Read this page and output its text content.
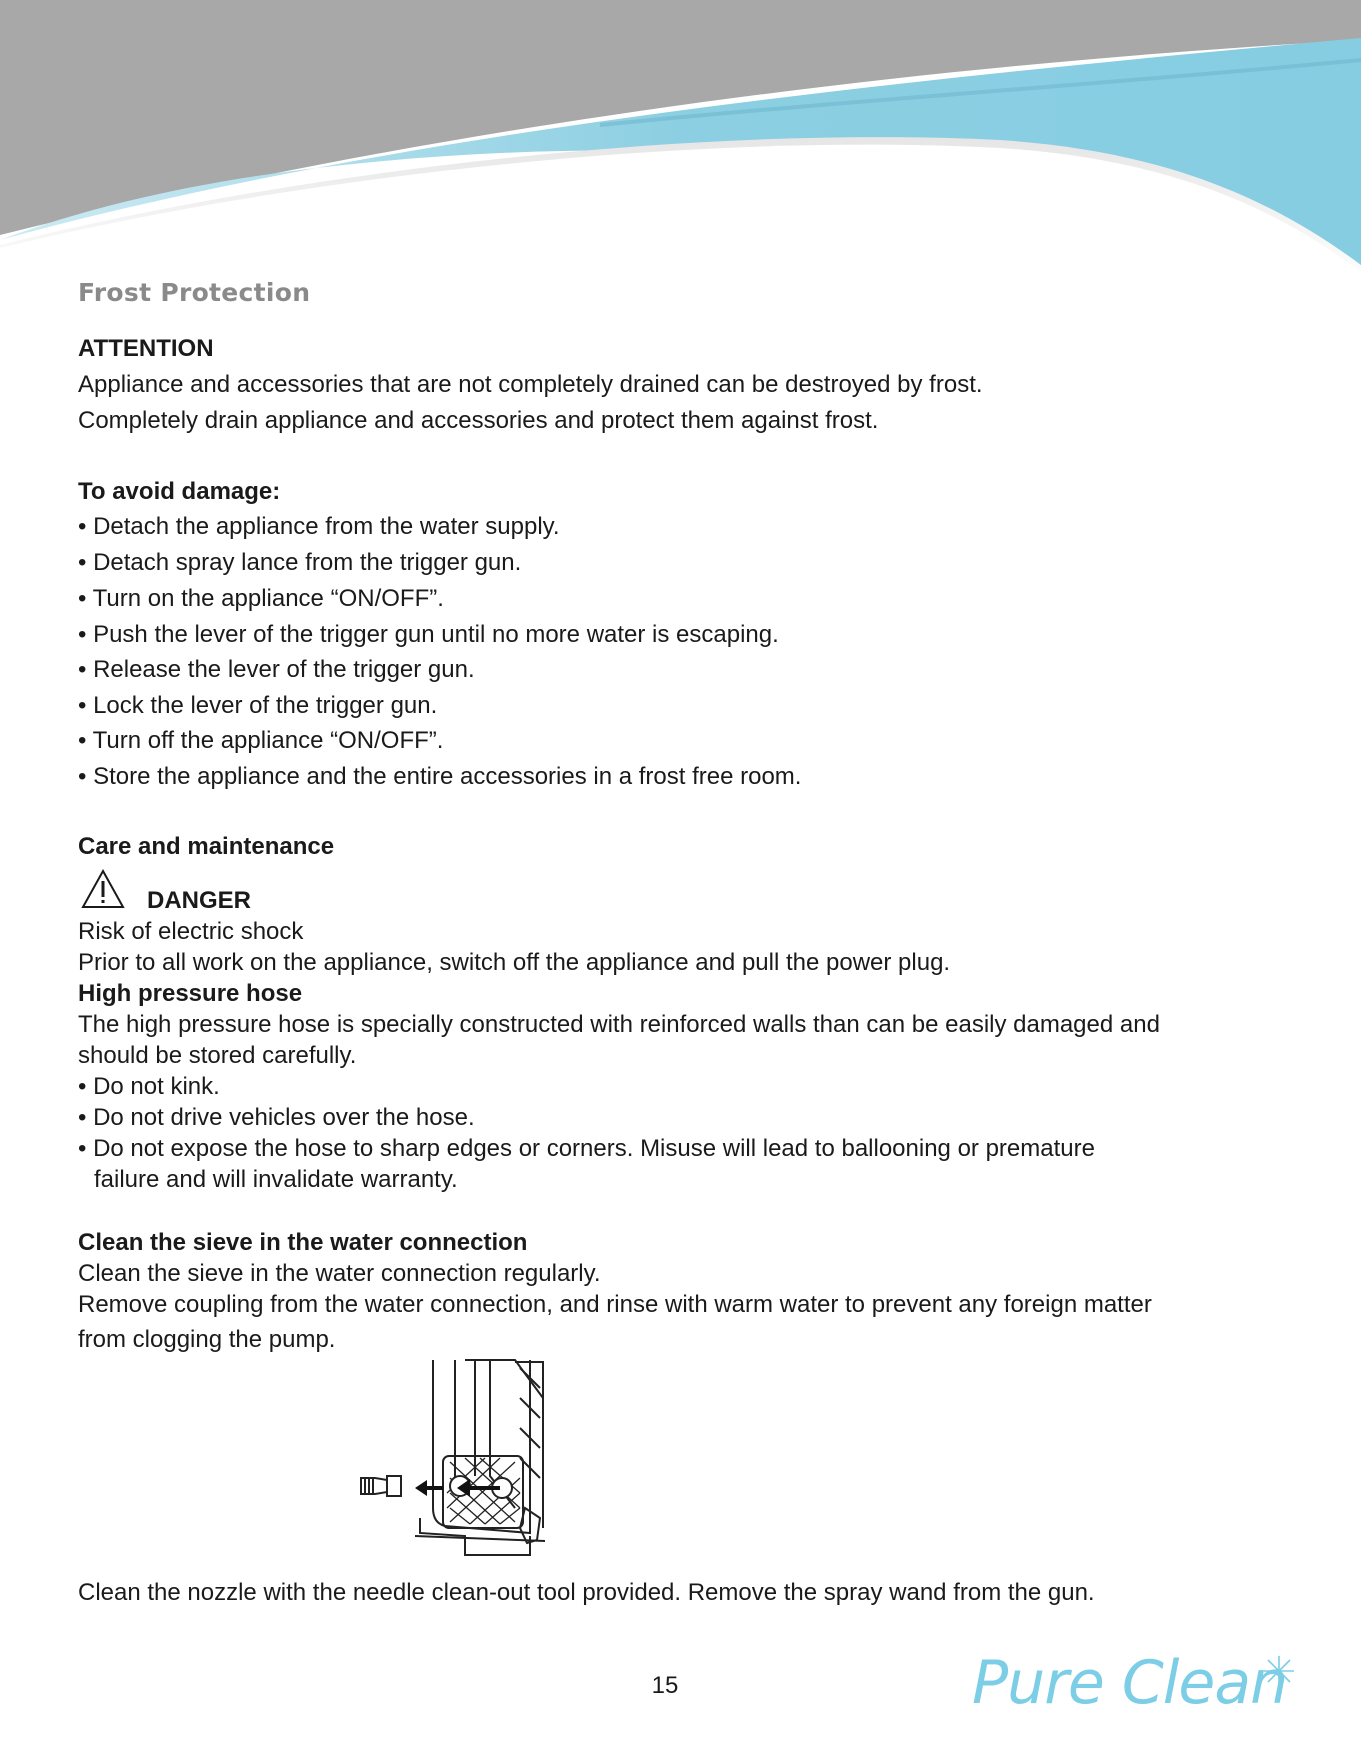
Frost Protection
ATTENTION
Appliance and accessories that are not completely drained can be destroyed by frost.
Completely drain appliance and accessories and protect them against frost.
To avoid damage:
• Detach the appliance from the water supply.
• Detach spray lance from the trigger gun.
• Turn on the appliance “ON/OFF”.
• Push the lever of the trigger gun until no more water is escaping.
• Release the lever of the trigger gun.
• Lock the lever of the trigger gun.
• Turn off the appliance “ON/OFF”.
• Store the appliance and the entire accessories in a frost free room.
Care and maintenance
DANGER
Risk of electric shock
Prior to all work on the appliance, switch off the appliance and pull the power plug.
High pressure hose
The high pressure hose is specially constructed with reinforced walls than can be easily damaged and
should be stored carefully.
• Do not kink.
• Do not drive vehicles over the hose.
• Do not expose the hose to sharp edges or corners. Misuse will lead to ballooning or premature
failure and will invalidate warranty.
Clean the sieve in the water connection
Clean the sieve in the water connection regularly.
Remove coupling from the water connection, and rinse with warm water to prevent any foreign matter
from clogging the pump.
Clean the nozzle with the needle clean-out tool provided. Remove the spray wand from the gun.
15	Pure Clean
